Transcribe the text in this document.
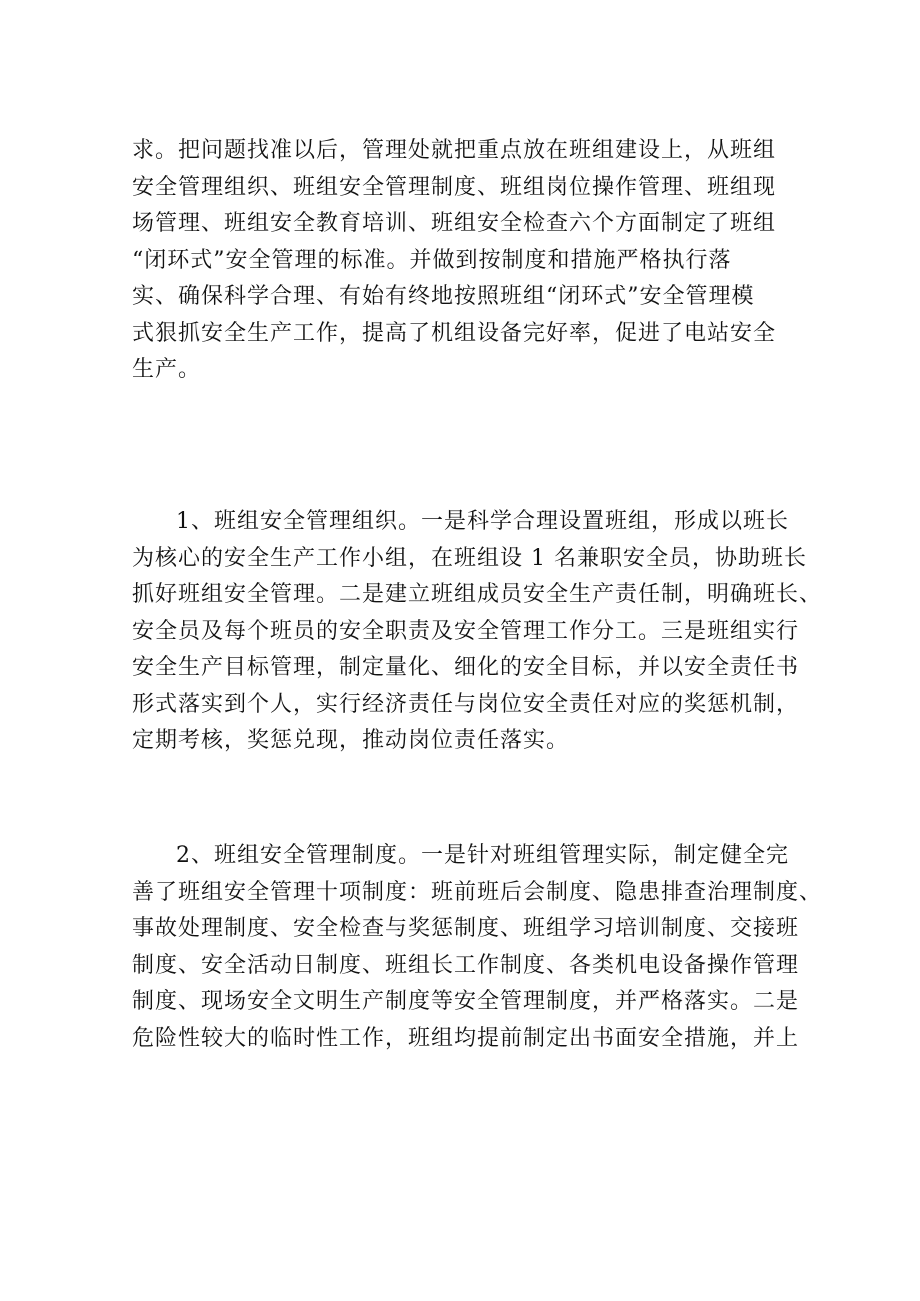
求。把问题找准以后，管理处就把重点放在班组建设上，从班组
安全管理组织、班组安全管理制度、班组岗位操作管理、班组现
场管理、班组安全教育培训、班组安全检查六个方面制定了班组
“闭环式”安全管理的标准。并做到按制度和措施严格执行落
实、确保科学合理、有始有终地按照班组“闭环式”安全管理模
式狠抓安全生产工作，提高了机组设备完好率，促进了电站安全
生产。
1、班组安全管理组织。一是科学合理设置班组，形成以班长
为核心的安全生产工作小组，在班组设 1 名兼职安全员，协助班长
抓好班组安全管理。二是建立班组成员安全生产责任制，明确班长、
安全员及每个班员的安全职责及安全管理工作分工。三是班组实行
安全生产目标管理，制定量化、细化的安全目标，并以安全责任书
形式落实到个人，实行经济责任与岗位安全责任对应的奖惩机制，
定期考核，奖惩兑现，推动岗位责任落实。
2、班组安全管理制度。一是针对班组管理实际，制定健全完
善了班组安全管理十项制度：班前班后会制度、隐患排查治理制度、
事故处理制度、安全检查与奖惩制度、班组学习培训制度、交接班
制度、安全活动日制度、班组长工作制度、各类机电设备操作管理
制度、现场安全文明生产制度等安全管理制度，并严格落实。二是
危险性较大的临时性工作，班组均提前制定出书面安全措施，并上
